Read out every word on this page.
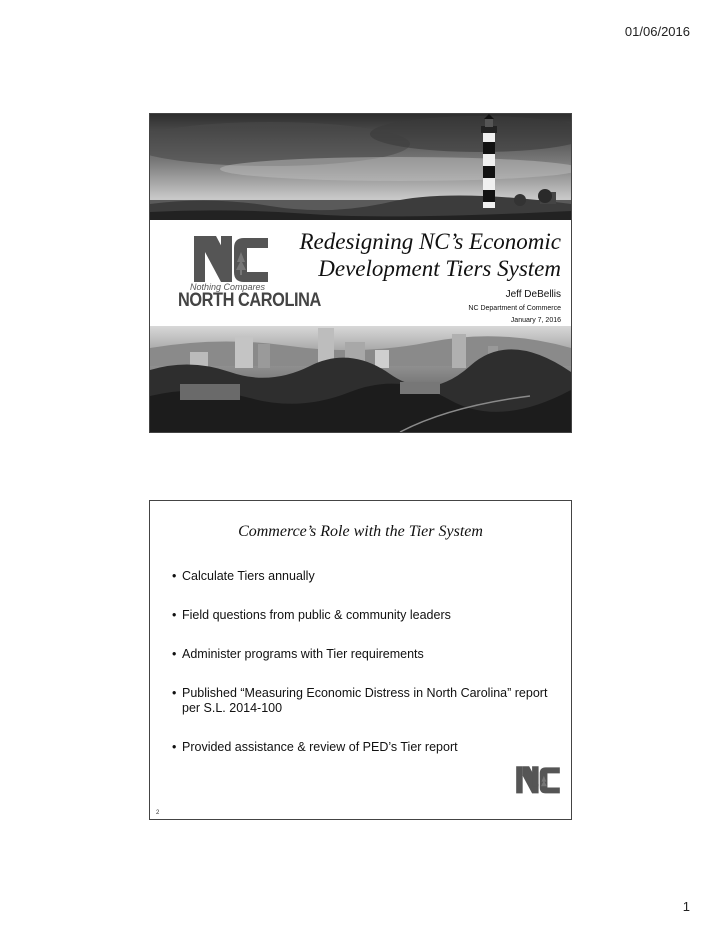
01/06/2016
Nothing Compares
NORTH CAROLINA
Redesigning NC’s Economic
Development Tiers System
Jeff DeBellis
NC Department of Commerce
January 7, 2016
Commerce’s Role with the Tier System
• Calculate Tiers annually
• Field questions from public & community leaders
• Administer programs with Tier requirements
• Published “Measuring Economic Distress in North Carolina” report per S.L. 2014-100
• Provided assistance & review of PED’s Tier report
2
1
